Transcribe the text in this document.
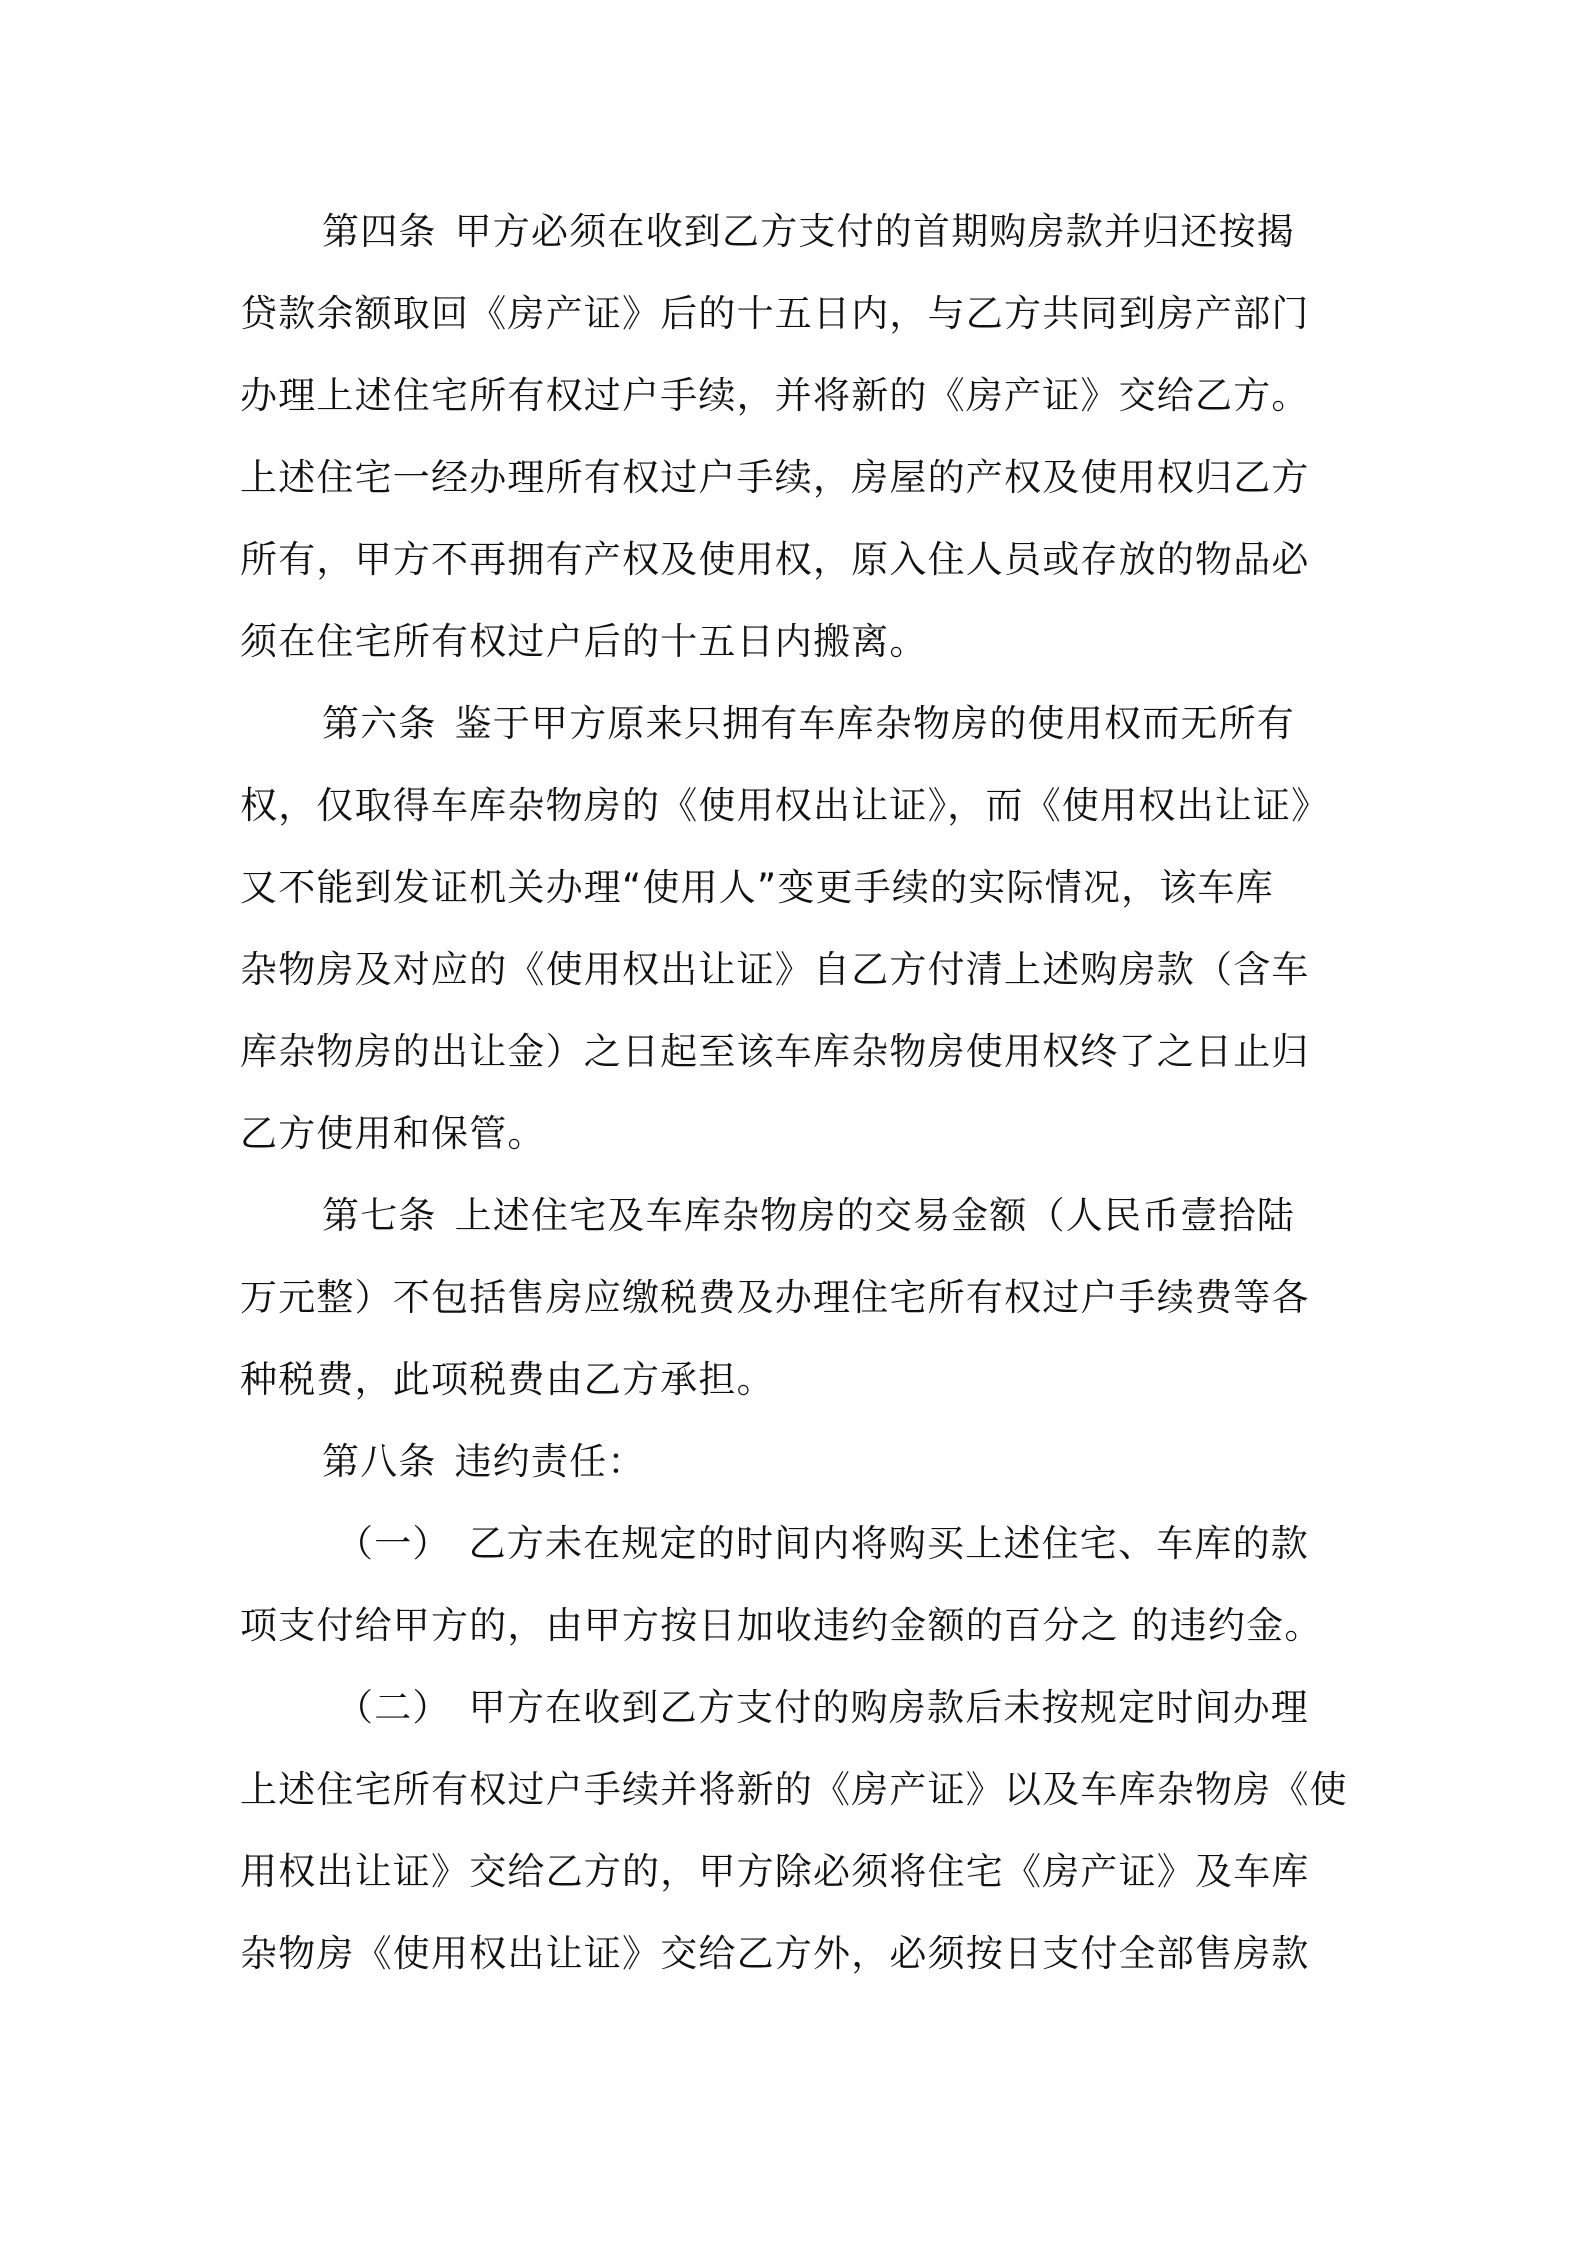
第四条 甲方必须在收到乙方支付的首期购房款并归还按揭
贷款余额取回《房产证》后的十五日内，与乙方共同到房产部门
办理上述住宅所有权过户手续，并将新的《房产证》交给乙方。
上述住宅一经办理所有权过户手续，房屋的产权及使用权归乙方
所有，甲方不再拥有产权及使用权，原入住人员或存放的物品必
须在住宅所有权过户后的十五日内搬离。
第六条 鉴于甲方原来只拥有车库杂物房的使用权而无所有
权，仅取得车库杂物房的《使用权出让证》，而《使用权出让证》
又不能到发证机关办理“使用人”变更手续的实际情况，该车库
杂物房及对应的《使用权出让证》自乙方付清上述购房款（含车
库杂物房的出让金）之日起至该车库杂物房使用权终了之日止归
乙方使用和保管。
第七条 上述住宅及车库杂物房的交易金额（人民币壹拾陆
万元整）不包括售房应缴税费及办理住宅所有权过户手续费等各
种税费，此项税费由乙方承担。
第八条 违约责任：
（一） 乙方未在规定的时间内将购买上述住宅、车库的款
项支付给甲方的，由甲方按日加收违约金额的百分之 的违约金。
（二） 甲方在收到乙方支付的购房款后未按规定时间办理
上述住宅所有权过户手续并将新的《房产证》以及车库杂物房《使
用权出让证》交给乙方的，甲方除必须将住宅《房产证》及车库
杂物房《使用权出让证》交给乙方外，必须按日支付全部售房款
